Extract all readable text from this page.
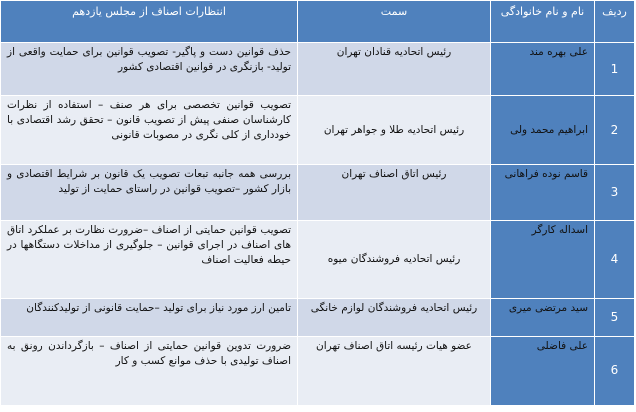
ردیف	نام و نام خانوادگی	سمت	انتظارات اصناف از مجلس یازدهم
1	علی بهره مند	رئیس اتحادیه قنادان تهران	حذف قوانین دست و پاگیر- تصویب قوانین برای حمایت واقعی از تولید- بازنگری در قوانین اقتصادی کشور
2	ابراهیم محمد ولی	رئیس اتحادیه طلا و جواهر تهران	تصویب قوانین تخصصی برای هر صنف – استفاده از نظرات کارشناسان صنفی پیش از تصویب قانون – تحقق رشد اقتصادی با خودداری از کلی نگری در مصوبات قانونی
3	قاسم نوده فراهانی	رئیس اتاق اصناف تهران	بررسی همه جانبه تبعات تصویب یک قانون بر شرایط اقتصادی و بازار کشور –تصویب قوانین در راستای حمایت از تولید
4	اسداله کارگر	رئیس اتحادیه فروشندگان میوه	تصویب قوانین حمایتی از اصناف –ضرورت نظارت بر عملکرد اتاق های اصناف در اجرای قوانین – جلوگیری از مداخلات دستگاهها در حیطه فعالیت اصناف
5	سید مرتضی میری	رئیس اتحادیه فروشندگان لوازم خانگی	تامین ارز مورد نیاز برای تولید –حمایت قانونی از تولیدکنندگان
6	علی فاضلی	عضو هیات رئیسه اتاق اصناف تهران	ضرورت تدوین قوانین حمایتی از اصناف – بازگرداندن رونق به اصناف تولیدی با حذف موانع کسب و کار
